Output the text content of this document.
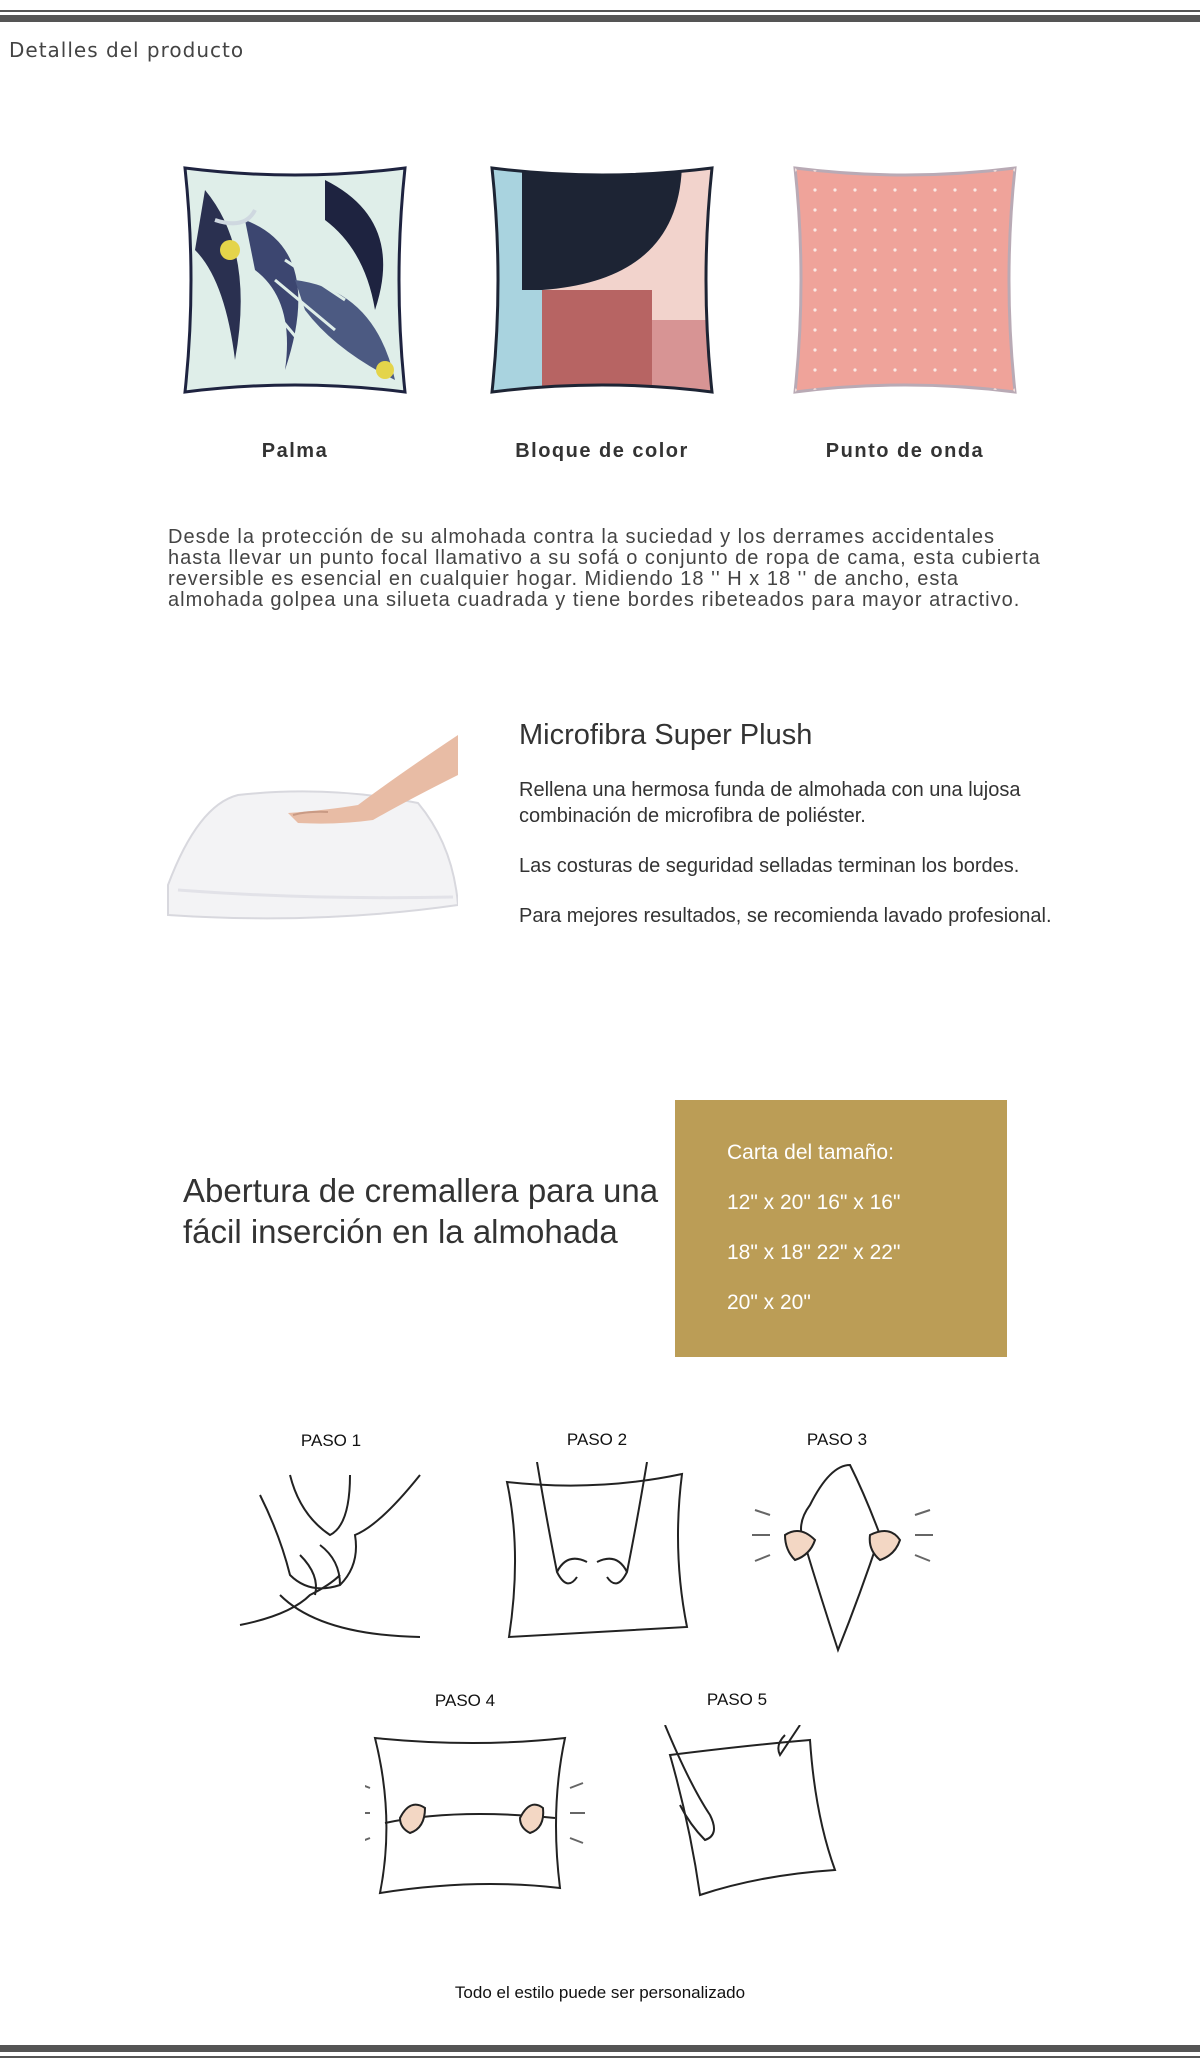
Detalles del producto
Palma	Bloque de color	Punto de onda
Desde la protección de su almohada contra la suciedad y los derrames accidentales hasta llevar un punto focal llamativo a su sofá o conjunto de ropa de cama, esta cubierta reversible es esencial en cualquier hogar. Midiendo 18 '' H x 18 '' de ancho, esta almohada golpea una silueta cuadrada y tiene bordes ribeteados para mayor atractivo.
Microfibra Super Plush

Rellena una hermosa funda de almohada con una lujosa combinación de microfibra de poliéster.

Las costuras de seguridad selladas terminan los bordes.

Para mejores resultados, se recomienda lavado profesional.

Abertura de cremallera para una fácil inserción en la almohada
Carta del tamaño:
12" x 20" 16" x 16"
18" x 18" 22" x 22"
20" x 20"
PASO 1	PASO 2	PASO 3
PASO 4	PASO 5
Todo el estilo puede ser personalizado
